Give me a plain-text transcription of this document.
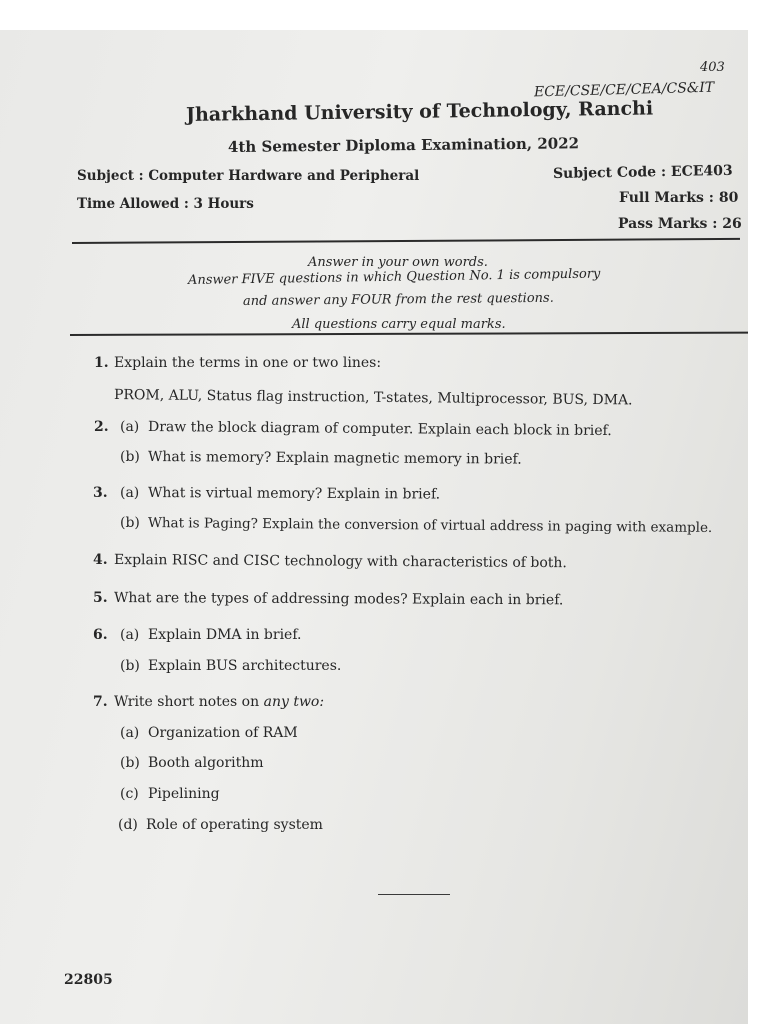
403
ECE/CSE/CE/CEA/CS&IT
Jharkhand University of Technology, Ranchi
4th Semester Diploma Examination, 2022
Subject : Computer Hardware and Peripheral	Subject Code : ECE403
Time Allowed : 3 Hours	Full Marks : 80
Pass Marks : 26
Answer in your own words.
Answer FIVE questions in which Question No. 1 is compulsory
and answer any FOUR from the rest questions.
All questions carry equal marks.
1. Explain the terms in one or two lines:
PROM, ALU, Status flag instruction, T-states, Multiprocessor, BUS, DMA.
2. (a) Draw the block diagram of computer. Explain each block in brief.
(b) What is memory? Explain magnetic memory in brief.
3. (a) What is virtual memory? Explain in brief.
(b) What is Paging? Explain the conversion of virtual address in paging with example.
4. Explain RISC and CISC technology with characteristics of both.
5. What are the types of addressing modes? Explain each in brief.
6. (a) Explain DMA in brief.
(b) Explain BUS architectures.
7. Write short notes on any two:
(a) Organization of RAM
(b) Booth algorithm
(c) Pipelining
(d) Role of operating system
22805
